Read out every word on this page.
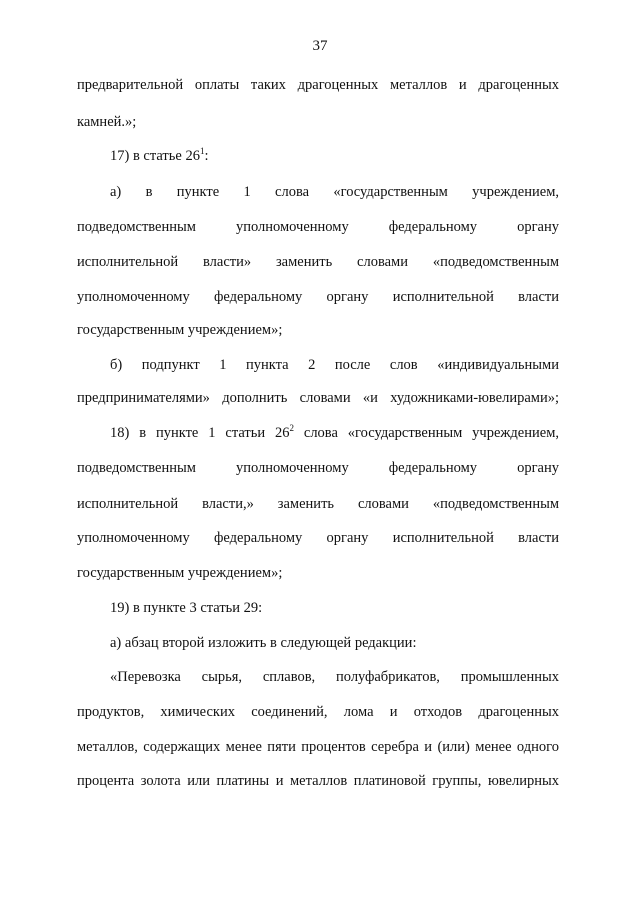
37
предварительной оплаты таких драгоценных металлов и драгоценных
камней.»;
17) в статье $26^1$:
а) в пункте 1 слова «государственным учреждением,
подведомственным уполномоченному федеральному органу
исполнительной власти» заменить словами «подведомственным
уполномоченному федеральному органу исполнительной власти
государственным учреждением»;
б) подпункт 1 пункта 2 после слов «индивидуальными
предпринимателями» дополнить словами «и художниками-ювелирами»;
18) в пункте 1 статьи $26^2$ слова «государственным учреждением,
подведомственным уполномоченному федеральному органу
исполнительной власти,» заменить словами «подведомственным
уполномоченному федеральному органу исполнительной власти
государственным учреждением»;
19) в пункте 3 статьи 29:
а) абзац второй изложить в следующей редакции:
«Перевозка сырья, сплавов, полуфабрикатов, промышленных
продуктов, химических соединений, лома и отходов драгоценных
металлов, содержащих менее пяти процентов серебра и (или) менее одного
процента золота или платины и металлов платиновой группы, ювелирных
